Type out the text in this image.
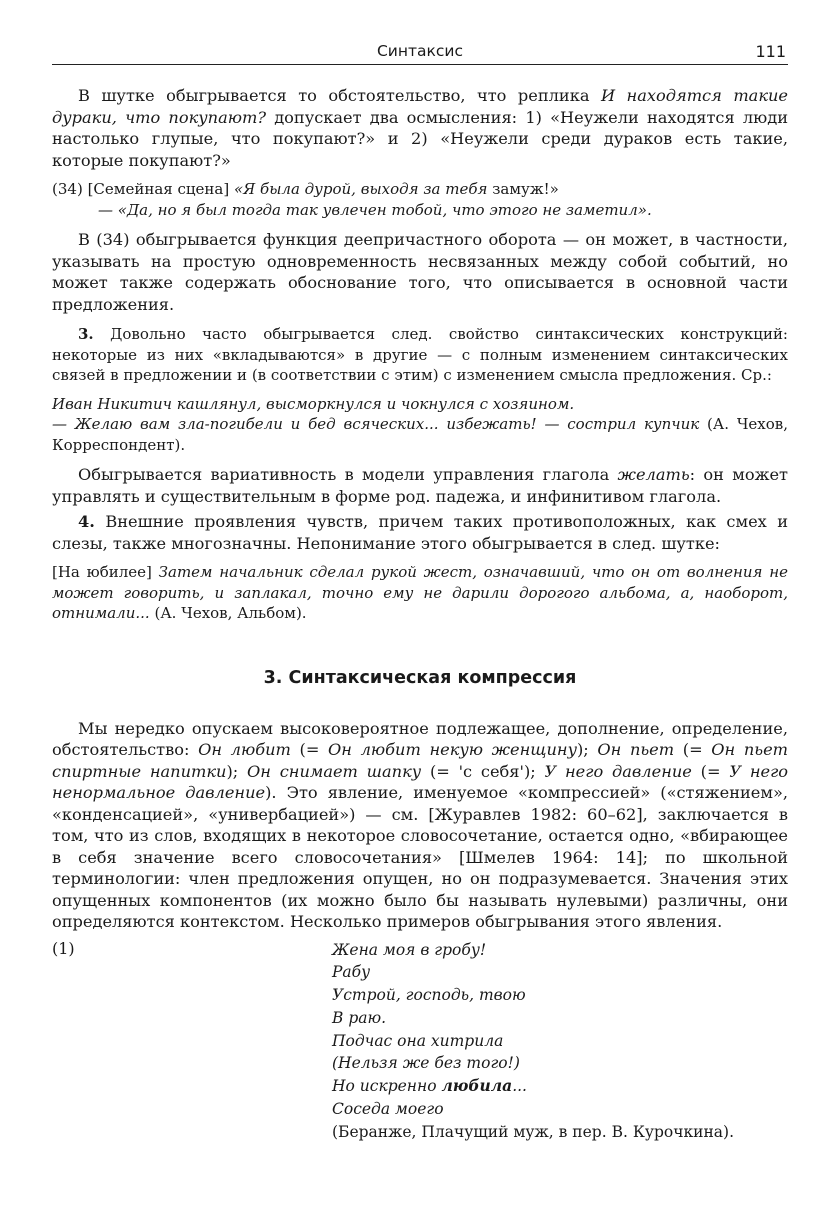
Синтаксис	111

В шутке обыгрывается то обстоятельство, что реплика И находятся такие дураки, что покупают? допускает два осмысления: 1) «Неужели находятся люди настолько глупые, что покупают?» и 2) «Неужели среди дураков есть такие, которые покупают?»

(34) [Семейная сцена] «Я была дурой, выходя за тебя замуж!»
— «Да, но я был тогда так увлечен тобой, что этого не заметил».

В (34) обыгрывается функция деепричастного оборота — он может, в частности, указывать на простую одновременность несвязанных между собой событий, но может также содержать обоснование того, что описывается в основной части предложения.

3. Довольно часто обыгрывается след. свойство синтаксических конструкций: некоторые из них «вкладываются» в другие — с полным изменением синтаксических связей в предложении и (в соответствии с этим) с изменением смысла предложения. Ср.:

Иван Никитич кашлянул, высморкнулся и чокнулся с хозяином.
— Желаю вам зла-погибели и бед всяческих... избежать! — сострил купчик (А. Чехов, Корреспондент).

Обыгрывается вариативность в модели управления глагола желать: он может управлять и существительным в форме род. падежа, и инфинитивом глагола.

4. Внешние проявления чувств, причем таких противоположных, как смех и слезы, также многозначны. Непонимание этого обыгрывается в след. шутке:

[На юбилее] Затем начальник сделал рукой жест, означавший, что он от волнения не может говорить, и заплакал, точно ему не дарили дорогого альбома, а, наоборот, отнимали... (А. Чехов, Альбом).

3. Синтаксическая компрессия

Мы нередко опускаем высоковероятное подлежащее, дополнение, определение, обстоятельство: Он любит (= Он любит некую женщину); Он пьет (= Он пьет спиртные напитки); Он снимает шапку (= 'с себя'); У него давление (= У него ненормальное давление). Это явление, именуемое «компрессией» («стяжением», «конденсацией», «универбацией») — см. [Журавлев 1982: 60–62], заключается в том, что из слов, входящих в некоторое словосочетание, остается одно, «вбирающее в себя значение всего словосочетания» [Шмелев 1964: 14]; по школьной терминологии: член предложения опущен, но он подразумевается. Значения этих опущенных компонентов (их можно было бы называть нулевыми) различны, они определяются контекстом. Несколько примеров обыгрывания этого явления.

(1)	Жена моя в гробу!
Рабу
Устрой, господь, твою
В раю.
Подчас она хитрила
(Нельзя же без того!)
Но искренно любила...
Соседа моего
(Беранже, Плачущий муж, в пер. В. Курочкина).
